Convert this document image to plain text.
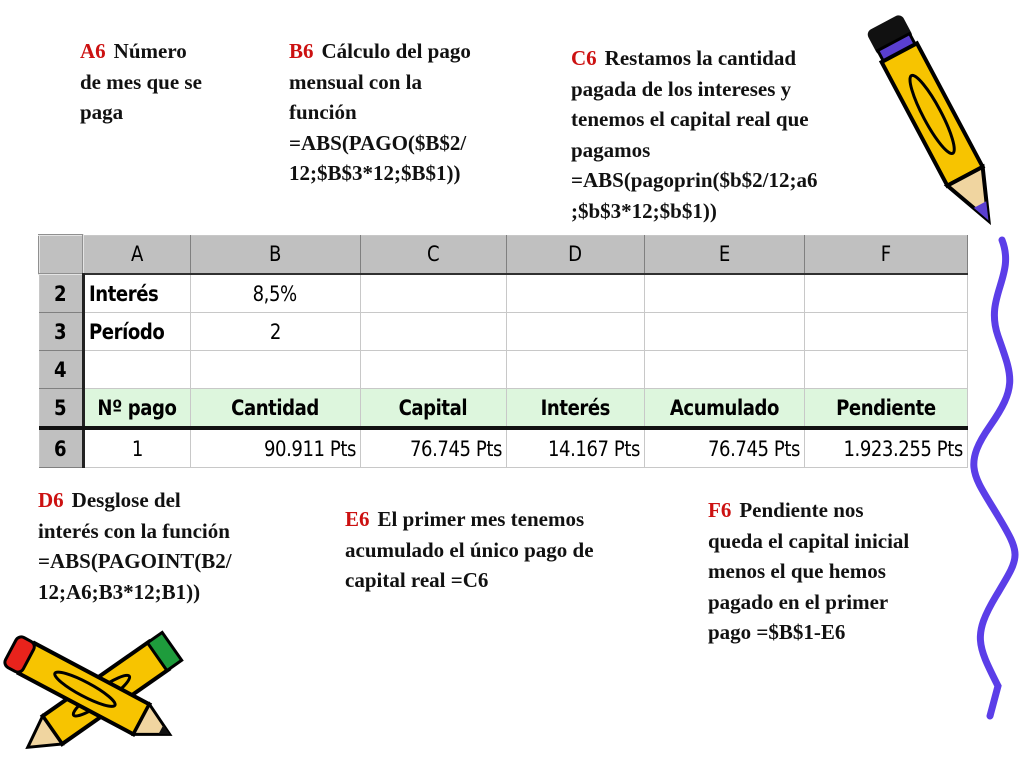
A6 Número
de mes que se
paga
B6 Cálculo del pago
mensual con la
función
=ABS(PAGO($B$2/
12;$B$3*12;$B$1))
C6 Restamos la cantidad
pagada de los intereses y
tenemos el capital real que
pagamos
=ABS(pagoprin($b$2/12;a6
;$b$3*12;$b$1))
D6 Desglose del
interés con la función
=ABS(PAGOINT(B2/
12;A6;B3*12;B1))
E6 El primer mes tenemos
acumulado el único pago de
capital real =C6
F6 Pendiente nos
queda el capital inicial
menos el que hemos
pagado en el primer
pago =$B$1-E6
	A	B	C	D	E	F
2	Interés	8,5%				
3	Período	2				
4						
5	Nº pago	Cantidad	Capital	Interés	Acumulado	Pendiente
6	1	90.911 Pts	76.745 Pts	14.167 Pts	76.745 Pts	1.923.255 Pts
